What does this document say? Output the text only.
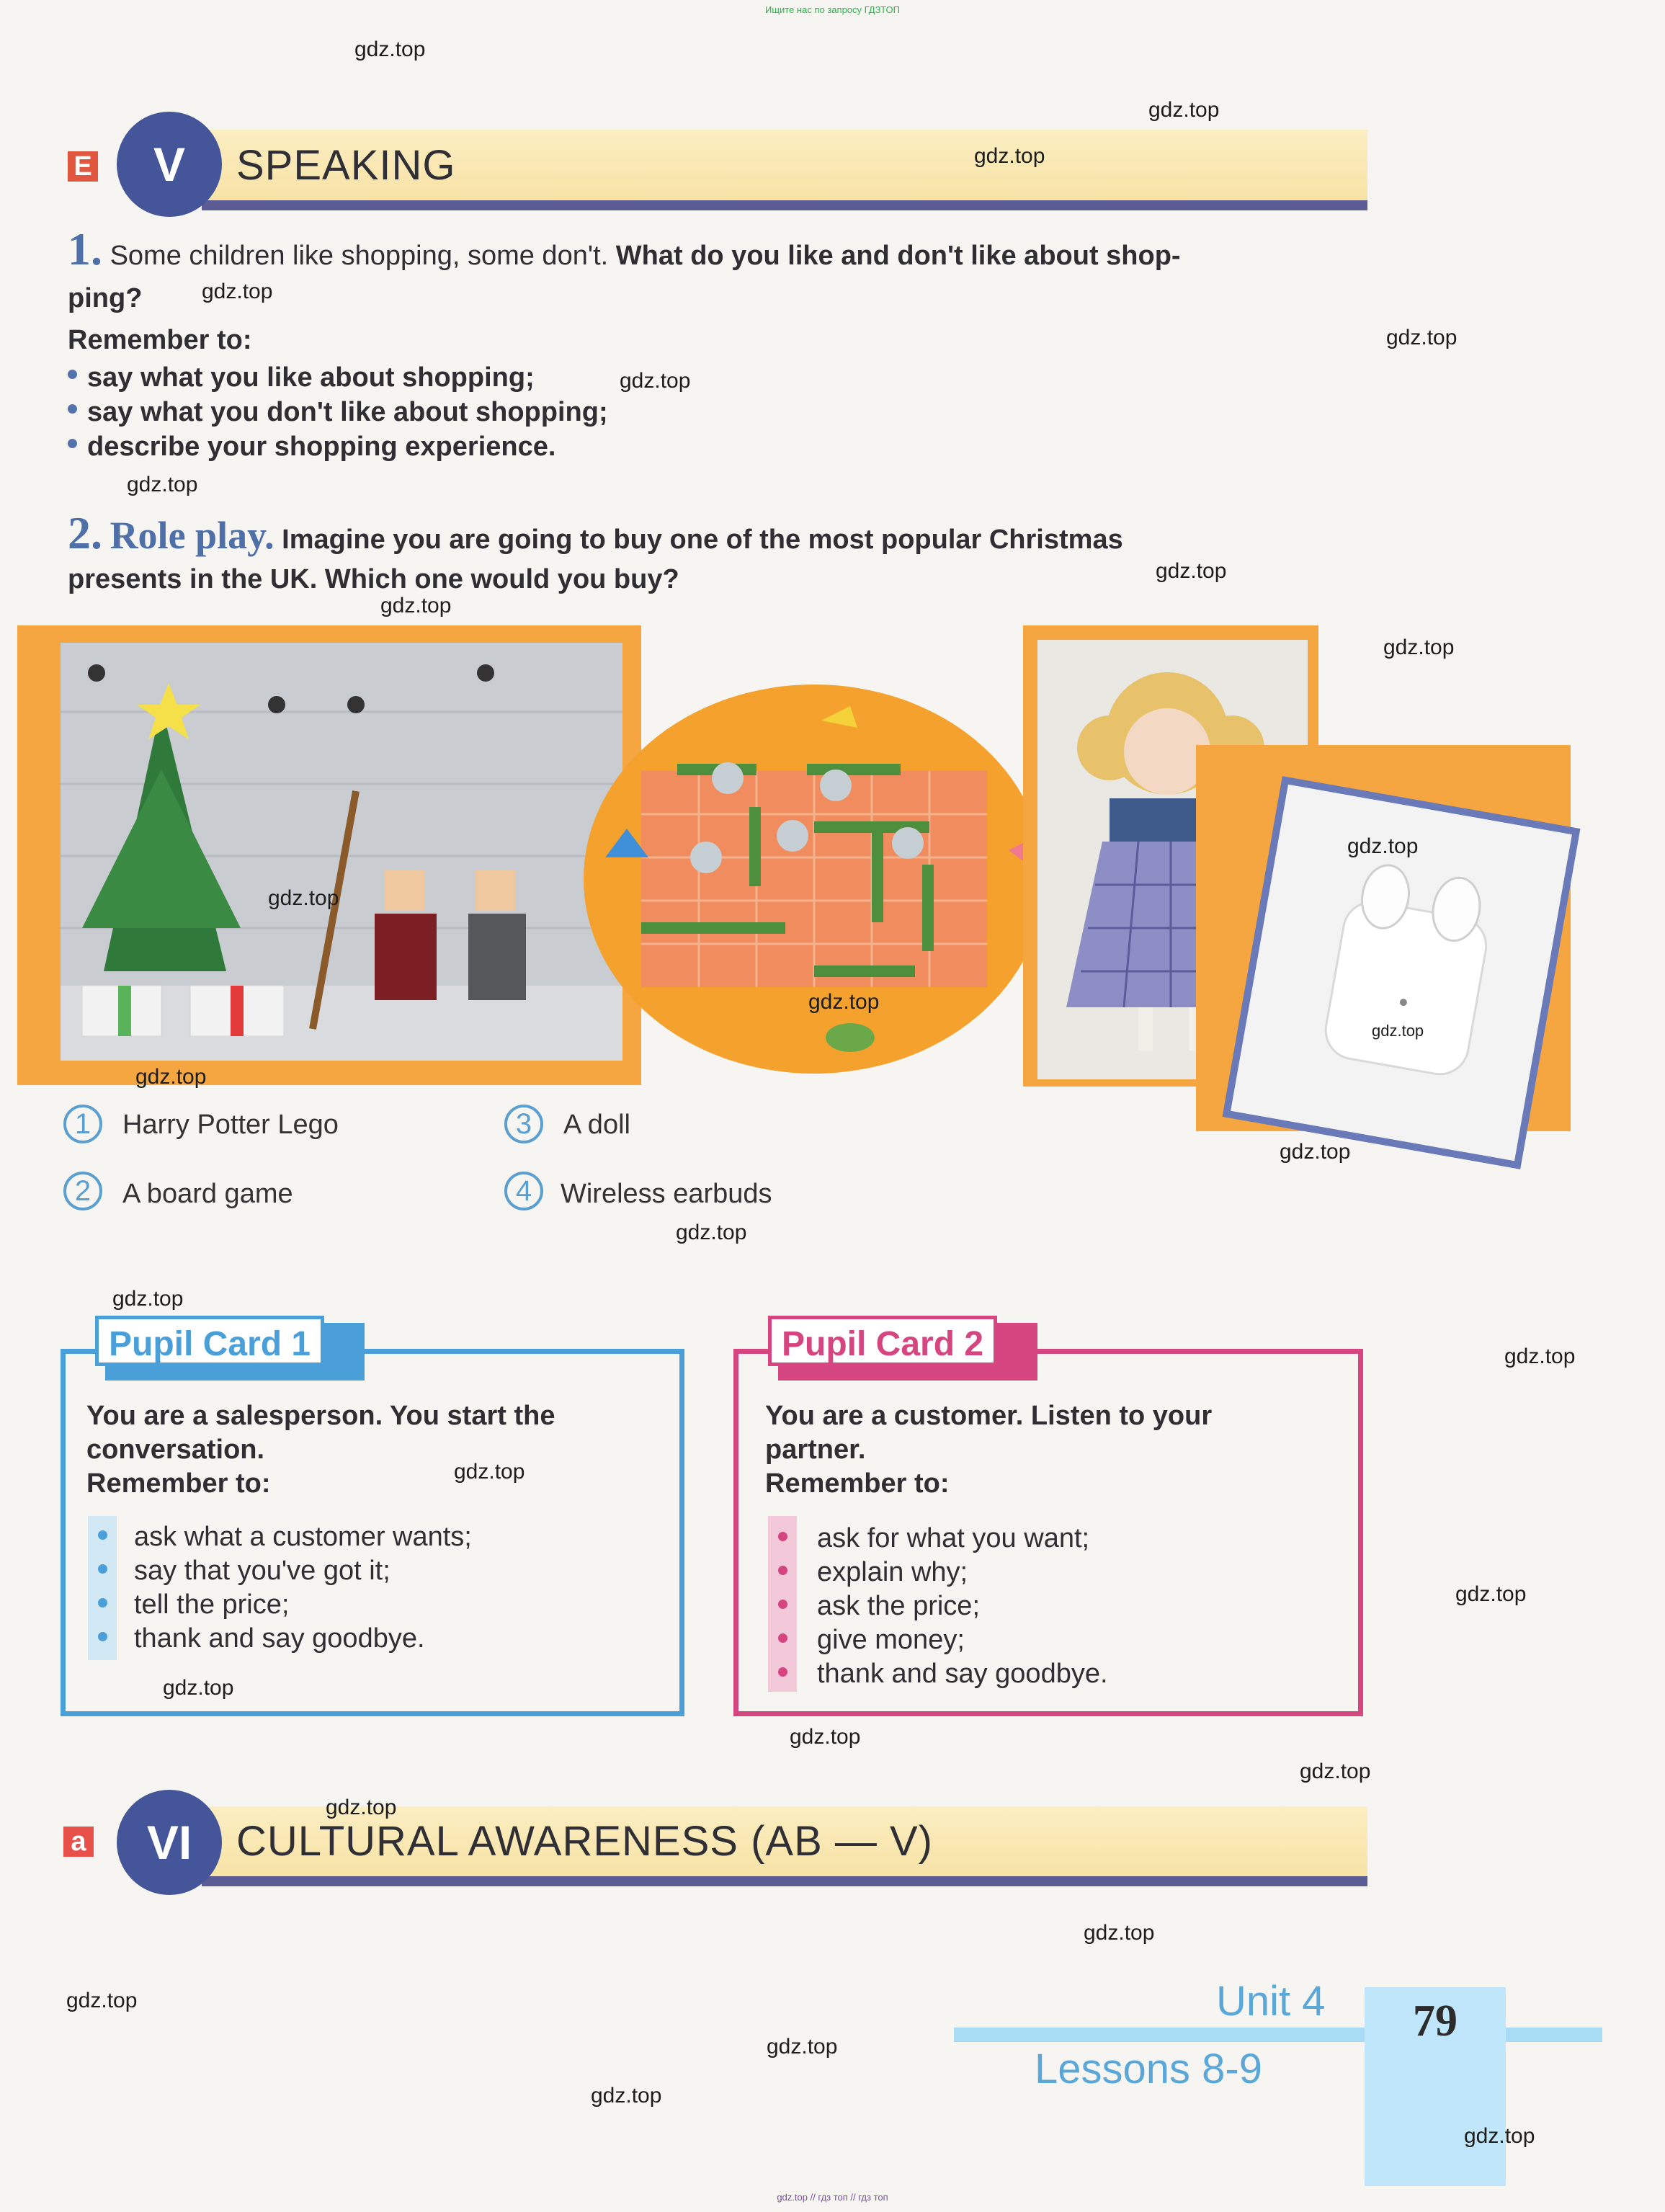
Ищите нас по запросу ГДЗТОП
E	V	SPEAKING
1. Some children like shopping, some don't. What do you like and don't like about shop-
ping?
Remember to:
say what you like about shopping;
say what you don't like about shopping;
describe your shopping experience.
2. Role play. Imagine you are going to buy one of the most popular Christmas
presents in the UK. Which one would you buy?
1	Harry Potter Lego
2	A board game
3	A doll
4	Wireless earbuds
Pupil Card 1
You are a salesperson. You start the
conversation.
Remember to:
ask what a customer wants;
say that you've got it;
tell the price;
thank and say goodbye.
Pupil Card 2
You are a customer. Listen to your
partner.
Remember to:
ask for what you want;
explain why;
ask the price;
give money;
thank and say goodbye.
a	VI	CULTURAL AWARENESS (AB — V)
79
Unit 4
Lessons 8-9
gdz.top
gdz.top
gdz.top
gdz.top
gdz.top
gdz.top
gdz.top
gdz.top
gdz.top
gdz.top
gdz.top
gdz.top
gdz.top
gdz.top
gdz.top
gdz.top
gdz.top
gdz.top
gdz.top
gdz.top
gdz.top
gdz.top
gdz.top
gdz.top
gdz.top
gdz.top
gdz.top
gdz.top
gdz.top
gdz.top
gdz.top // гдз топ // гдз топ
